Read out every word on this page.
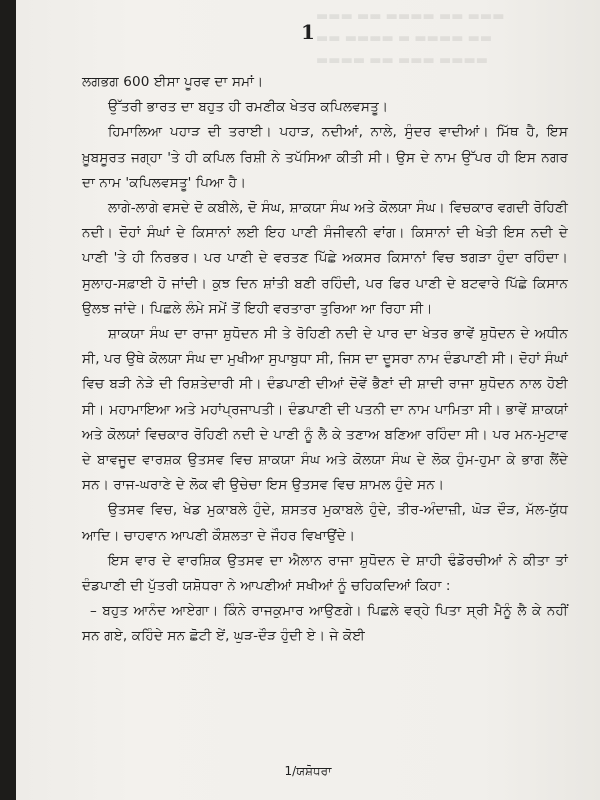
▬▬▬ ▬▬ ▬▬▬▬ ▬▬ ▬▬▬
▬▬ ▬▬▬▬ ▬ ▬▬▬▬ ▬▬
▬▬▬▬ ▬▬ ▬▬▬ ▬▬▬▬
1

ਲਗਭਗ 600 ਈਸਾ ਪੂਰਵ ਦਾ ਸਮਾਂ।

ਉੱਤਰੀ ਭਾਰਤ ਦਾ ਬਹੁਤ ਹੀ ਰਮਣੀਕ ਖੇਤਰ ਕਪਿਲਵਸਤੂ।

ਹਿਮਾਲਿਆ ਪਹਾੜ ਦੀ ਤਰਾਈ। ਪਹਾੜ, ਨਦੀਆਂ, ਨਾਲੇ, ਸੁੰਦਰ ਵਾਦੀਆਂ। ਮਿੱਥ ਹੈ, ਇਸ ਖ਼ੂਬਸੂਰਤ ਜਗ੍ਹਾ 'ਤੇ ਹੀ ਕਪਿਲ ਰਿਸ਼ੀ ਨੇ ਤਪੱਸਿਆ ਕੀਤੀ ਸੀ। ਉਸ ਦੇ ਨਾਮ ਉੱਪਰ ਹੀ ਇਸ ਨਗਰ ਦਾ ਨਾਮ 'ਕਪਿਲਵਸਤੂ' ਪਿਆ ਹੈ।

ਲਾਗੇ-ਲਾਗੇ ਵਸਦੇ ਦੋ ਕਬੀਲੇ, ਦੋ ਸੰਘ, ਸ਼ਾਕਯਾ ਸੰਘ ਅਤੇ ਕੋਲਯਾ ਸੰਘ। ਵਿਚਕਾਰ ਵਗਦੀ ਰੋਹਿਣੀ ਨਦੀ। ਦੋਹਾਂ ਸੰਘਾਂ ਦੇ ਕਿਸਾਨਾਂ ਲਈ ਇਹ ਪਾਣੀ ਸੰਜੀਵਨੀ ਵਾਂਗ। ਕਿਸਾਨਾਂ ਦੀ ਖੇਤੀ ਇਸ ਨਦੀ ਦੇ ਪਾਣੀ 'ਤੇ ਹੀ ਨਿਰਭਰ। ਪਰ ਪਾਣੀ ਦੇ ਵਰਤਣ ਪਿੱਛੇ ਅਕਸਰ ਕਿਸਾਨਾਂ ਵਿਚ ਝਗੜਾ ਹੁੰਦਾ ਰਹਿੰਦਾ। ਸੁਲਾਹ-ਸਫ਼ਾਈ ਹੋ ਜਾਂਦੀ। ਕੁਝ ਦਿਨ ਸ਼ਾਂਤੀ ਬਣੀ ਰਹਿੰਦੀ, ਪਰ ਫਿਰ ਪਾਣੀ ਦੇ ਬਟਵਾਰੇ ਪਿੱਛੇ ਕਿਸਾਨ ਉਲਝ ਜਾਂਦੇ। ਪਿਛਲੇ ਲੰਮੇ ਸਮੇਂ ਤੋਂ ਇਹੀ ਵਰਤਾਰਾ ਤੁਰਿਆ ਆ ਰਿਹਾ ਸੀ।

ਸ਼ਾਕਯਾ ਸੰਘ ਦਾ ਰਾਜਾ ਸ਼ੁਧੋਦਨ ਸੀ ਤੇ ਰੋਹਿਣੀ ਨਦੀ ਦੇ ਪਾਰ ਦਾ ਖੇਤਰ ਭਾਵੇਂ ਸ਼ੁਧੋਦਨ ਦੇ ਅਧੀਨ ਸੀ, ਪਰ ਉਥੇ ਕੋਲਯਾ ਸੰਘ ਦਾ ਮੁਖੀਆ ਸੁਪਾਬੁਧਾ ਸੀ, ਜਿਸ ਦਾ ਦੂਸਰਾ ਨਾਮ ਦੰਡਪਾਣੀ ਸੀ। ਦੋਹਾਂ ਸੰਘਾਂ ਵਿਚ ਬੜੀ ਨੇੜੇ ਦੀ ਰਿਸ਼ਤੇਦਾਰੀ ਸੀ। ਦੰਡਪਾਣੀ ਦੀਆਂ ਦੋਵੇਂ ਭੈਣਾਂ ਦੀ ਸ਼ਾਦੀ ਰਾਜਾ ਸ਼ੁਧੋਦਨ ਨਾਲ ਹੋਈ ਸੀ। ਮਹਾਮਾਇਆ ਅਤੇ ਮਹਾਂਪ੍ਰਜਾਪਤੀ। ਦੰਡਪਾਣੀ ਦੀ ਪਤਨੀ ਦਾ ਨਾਮ ਪਾਮਿਤਾ ਸੀ। ਭਾਵੇਂ ਸ਼ਾਕਯਾਂ ਅਤੇ ਕੋਲਯਾਂ ਵਿਚਕਾਰ ਰੋਹਿਣੀ ਨਦੀ ਦੇ ਪਾਣੀ ਨੂੰ ਲੈ ਕੇ ਤਣਾਅ ਬਣਿਆ ਰਹਿੰਦਾ ਸੀ। ਪਰ ਮਨ-ਮੁਟਾਵ ਦੇ ਬਾਵਜੂਦ ਵਾਰਸ਼ਕ ਉਤਸਵ ਵਿਚ ਸ਼ਾਕਯਾ ਸੰਘ ਅਤੇ ਕੋਲਯਾ ਸੰਘ ਦੇ ਲੋਕ ਹੁੰਮ-ਹੁਮਾ ਕੇ ਭਾਗ ਲੈਂਦੇ ਸਨ। ਰਾਜ-ਘਰਾਣੇ ਦੇ ਲੋਕ ਵੀ ਉਚੇਚਾ ਇਸ ਉਤਸਵ ਵਿਚ ਸ਼ਾਮਲ ਹੁੰਦੇ ਸਨ।

ਉਤਸਵ ਵਿਚ, ਖੇਡ ਮੁਕਾਬਲੇ ਹੁੰਦੇ, ਸ਼ਸਤਰ ਮੁਕਾਬਲੇ ਹੁੰਦੇ, ਤੀਰ-ਅੰਦਾਜ਼ੀ, ਘੋੜ ਦੌੜ, ਮੱਲ-ਯੁੱਧ ਆਦਿ। ਚਾਹਵਾਨ ਆਪਣੀ ਕੌਸ਼ਲਤਾ ਦੇ ਜੌਹਰ ਵਿਖਾਉਂਦੇ।

ਇਸ ਵਾਰ ਦੇ ਵਾਰਸ਼ਿਕ ਉਤਸਵ ਦਾ ਐਲਾਨ ਰਾਜਾ ਸ਼ੁਧੋਦਨ ਦੇ ਸ਼ਾਹੀ ਢੰਡੋਰਚੀਆਂ ਨੇ ਕੀਤਾ ਤਾਂ ਦੰਡਪਾਣੀ ਦੀ ਪੁੱਤਰੀ ਯਸ਼ੋਧਰਾ ਨੇ ਆਪਣੀਆਂ ਸਖੀਆਂ ਨੂੰ ਚਹਿਕਦਿਆਂ ਕਿਹਾ :

– ਬਹੁਤ ਆਨੰਦ ਆਏਗਾ। ਕਿੰਨੇ ਰਾਜਕੁਮਾਰ ਆਉਣਗੇ। ਪਿਛਲੇ ਵਰ੍ਹੇ ਪਿਤਾ ਸ੍ਰੀ ਮੈਨੂੰ ਲੈ ਕੇ ਨਹੀਂ ਸਨ ਗਏ, ਕਹਿੰਦੇ ਸਨ ਛੋਟੀ ਏਂ, ਘੁੜ-ਦੌੜ ਹੁੰਦੀ ਏ। ਜੇ ਕੋਈ

1/ਯਸ਼ੋਧਰਾ
